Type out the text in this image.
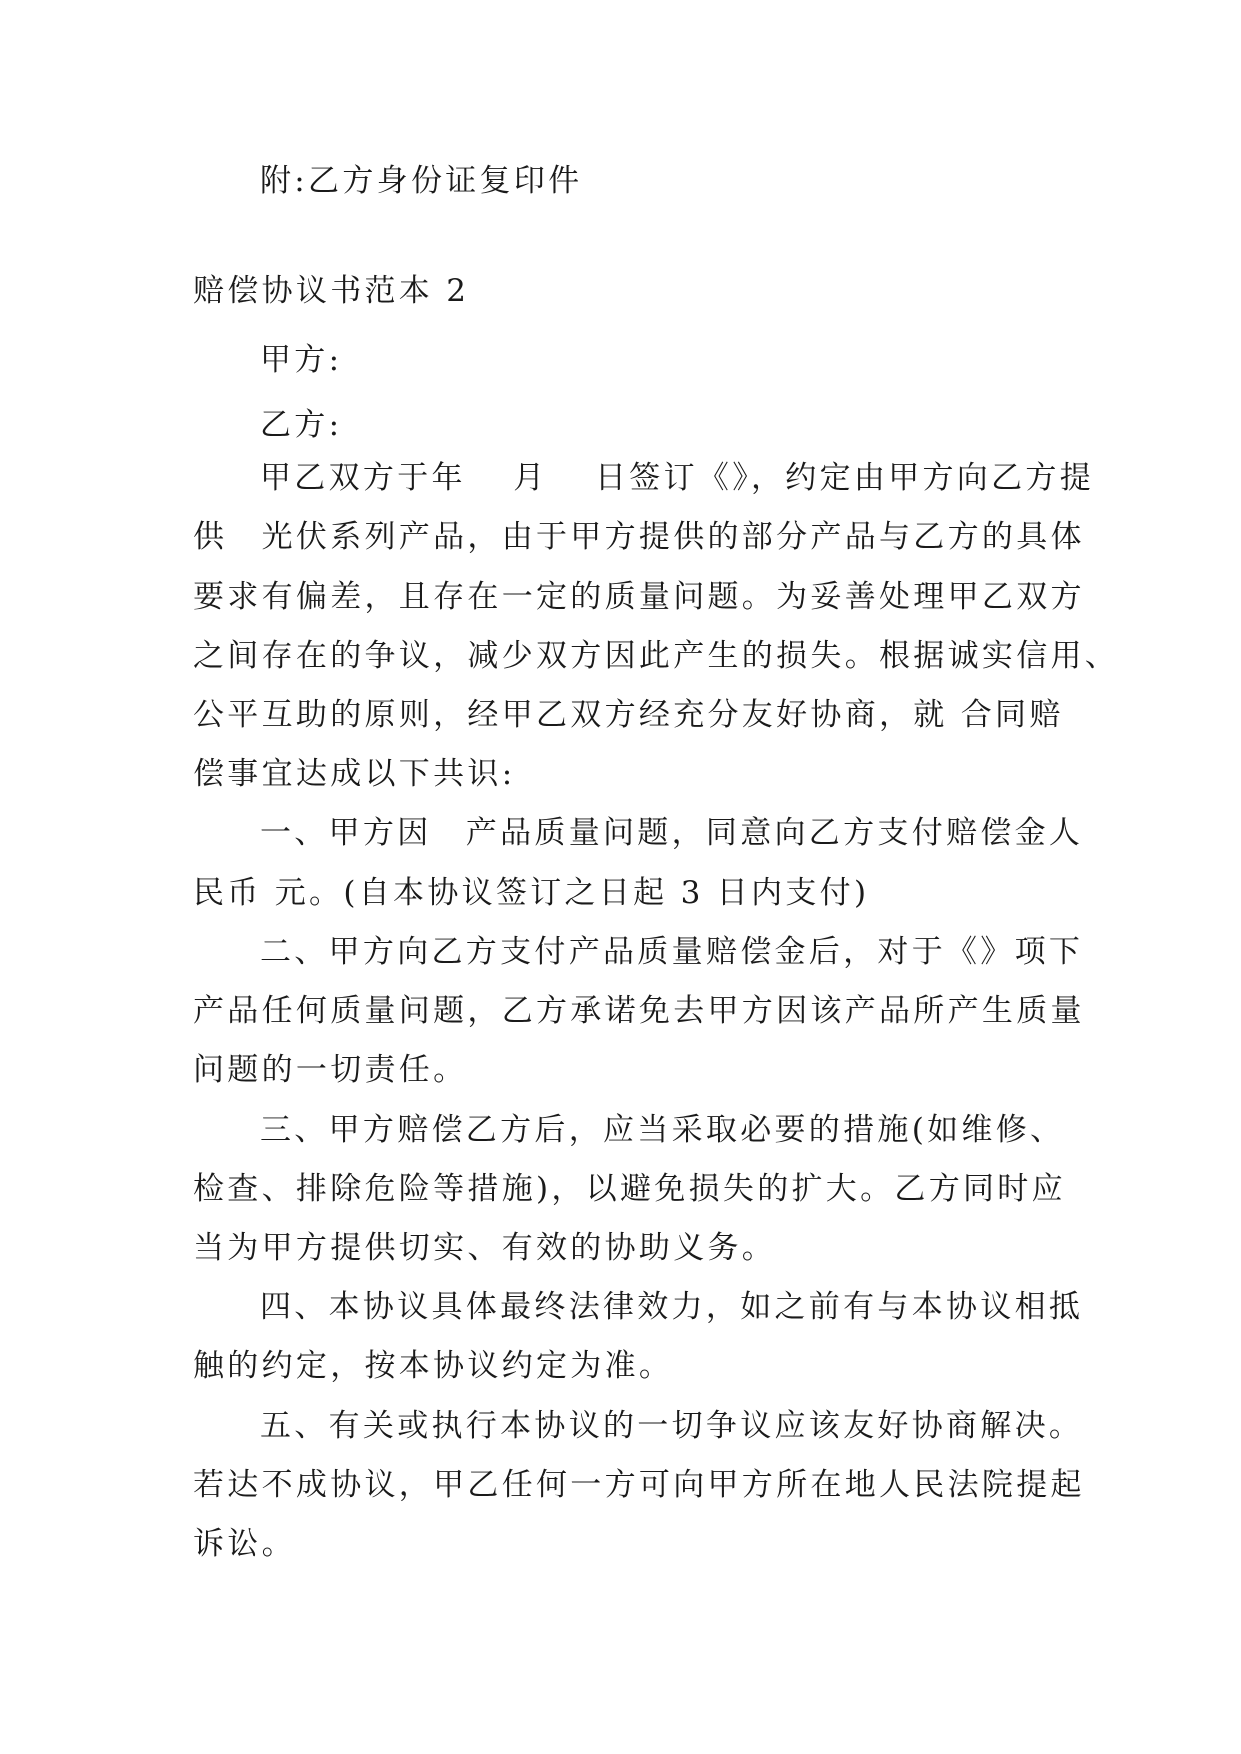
附:乙方身份证复印件
赔偿协议书范本 2
甲方:
乙方:
甲乙双方于年　 月　 日签订《》，约定由甲方向乙方提
供　光伏系列产品，由于甲方提供的部分产品与乙方的具体
要求有偏差，且存在一定的质量问题。为妥善处理甲乙双方
之间存在的争议，减少双方因此产生的损失。根据诚实信用、
公平互助的原则，经甲乙双方经充分友好协商，就 合同赔
偿事宜达成以下共识:
一、甲方因　产品质量问题，同意向乙方支付赔偿金人
民币 元。(自本协议签订之日起 3 日内支付)
二、甲方向乙方支付产品质量赔偿金后，对于《》项下
产品任何质量问题，乙方承诺免去甲方因该产品所产生质量
问题的一切责任。
三、甲方赔偿乙方后，应当采取必要的措施(如维修、
检查、排除危险等措施)，以避免损失的扩大。乙方同时应
当为甲方提供切实、有效的协助义务。
四、本协议具体最终法律效力，如之前有与本协议相抵
触的约定，按本协议约定为准。
五、有关或执行本协议的一切争议应该友好协商解决。
若达不成协议，甲乙任何一方可向甲方所在地人民法院提起
诉讼。
